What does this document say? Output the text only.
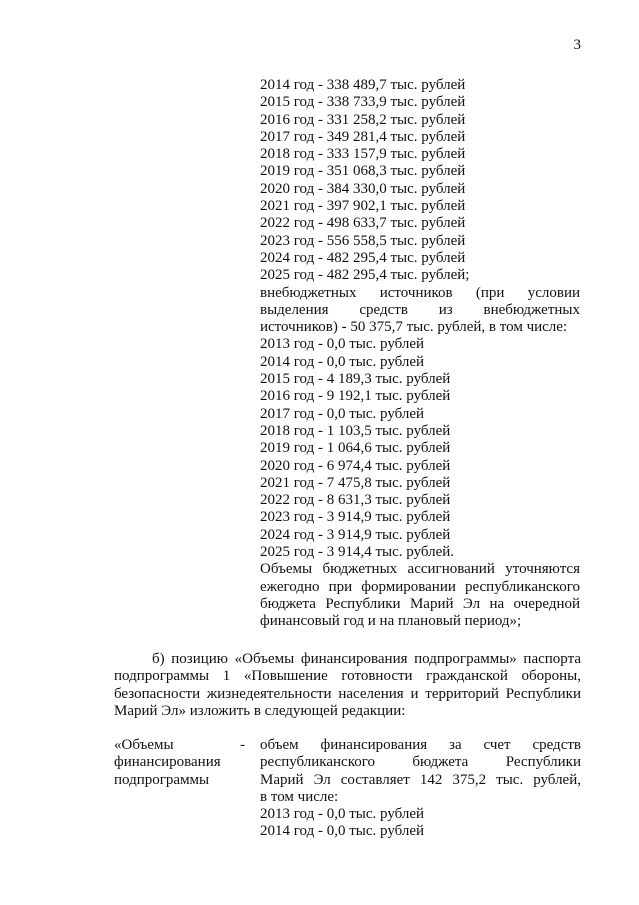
3
2014 год - 338 489,7 тыс. рублей
2015 год - 338 733,9 тыс. рублей
2016 год - 331 258,2 тыс. рублей
2017 год - 349 281,4 тыс. рублей
2018 год - 333 157,9 тыс. рублей
2019 год - 351 068,3 тыс. рублей
2020 год - 384 330,0 тыс. рублей
2021 год - 397 902,1 тыс. рублей
2022 год - 498 633,7 тыс. рублей
2023 год - 556 558,5 тыс. рублей
2024 год - 482 295,4 тыс. рублей
2025 год - 482 295,4 тыс. рублей;
внебюджетных источников (при условии
выделения средств из внебюджетных
источников) - 50 375,7 тыс. рублей, в том числе:
2013 год - 0,0 тыс. рублей
2014 год - 0,0 тыс. рублей
2015 год - 4 189,3 тыс. рублей
2016 год - 9 192,1 тыс. рублей
2017 год - 0,0 тыс. рублей
2018 год - 1 103,5 тыс. рублей
2019 год - 1 064,6 тыс. рублей
2020 год - 6 974,4 тыс. рублей
2021 год - 7 475,8 тыс. рублей
2022 год - 8 631,3 тыс. рублей
2023 год - 3 914,9 тыс. рублей
2024 год - 3 914,9 тыс. рублей
2025 год - 3 914,4 тыс. рублей.
Объемы бюджетных ассигнований уточняются
ежегодно при формировании республиканского
бюджета Республики Марий Эл на очередной
финансовый год и на плановый период»;
б) позицию «Объемы финансирования подпрограммы» паспорта
подпрограммы 1 «Повышение готовности гражданской обороны,
безопасности жизнедеятельности населения и территорий Республики
Марий Эл» изложить в следующей редакции:
«Объемы
финансирования
подпрограммы
- объем финансирования за счет средств
республиканского бюджета Республики
Марий Эл составляет 142 375,2 тыс. рублей,
в том числе:
2013 год - 0,0 тыс. рублей
2014 год - 0,0 тыс. рублей
